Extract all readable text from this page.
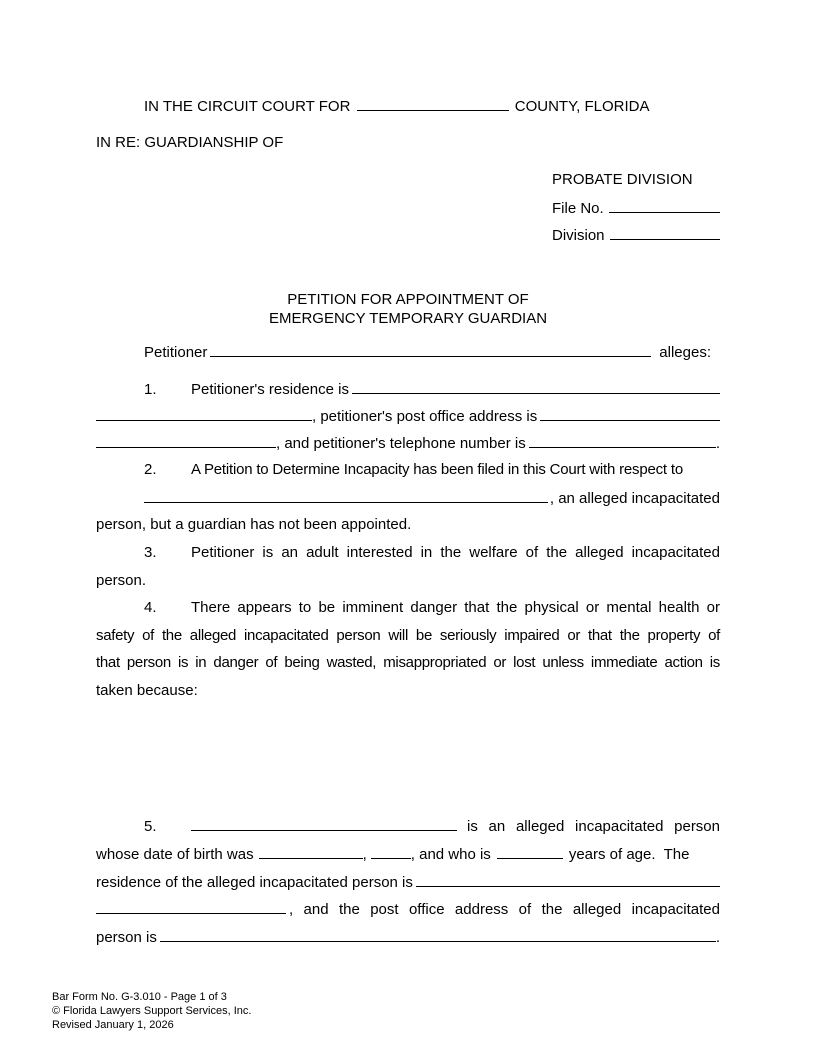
IN THE CIRCUIT COURT FOR	COUNTY, FLORIDA
IN RE: GUARDIANSHIP OF
PROBATE DIVISION
File No.
Division
PETITION FOR APPOINTMENT OF
EMERGENCY TEMPORARY GUARDIAN
Petitioner	alleges:
1.	Petitioner's residence is
, petitioner's post office address is
, and petitioner's telephone number is	.
2.	A Petition to Determine Incapacity has been filed in this Court with respect to
, an alleged incapacitated
person, but a guardian has not been appointed.
3. Petitioner is an adult interested in the welfare of the alleged incapacitated
person.
4. There appears to be imminent danger that the physical or mental health or
safety of the alleged incapacitated person will be seriously impaired or that the property of
that person is in danger of being wasted, misappropriated or lost unless immediate action is
taken because:
5.	is an alleged incapacitated person
whose date of birth was	,	, and who is	years of age.  The
residence of the alleged incapacitated person is
, and the post office address of the alleged incapacitated
person is	.
Bar Form No. G-3.010 - Page 1 of 3
© Florida Lawyers Support Services, Inc.
Revised January 1, 2026
